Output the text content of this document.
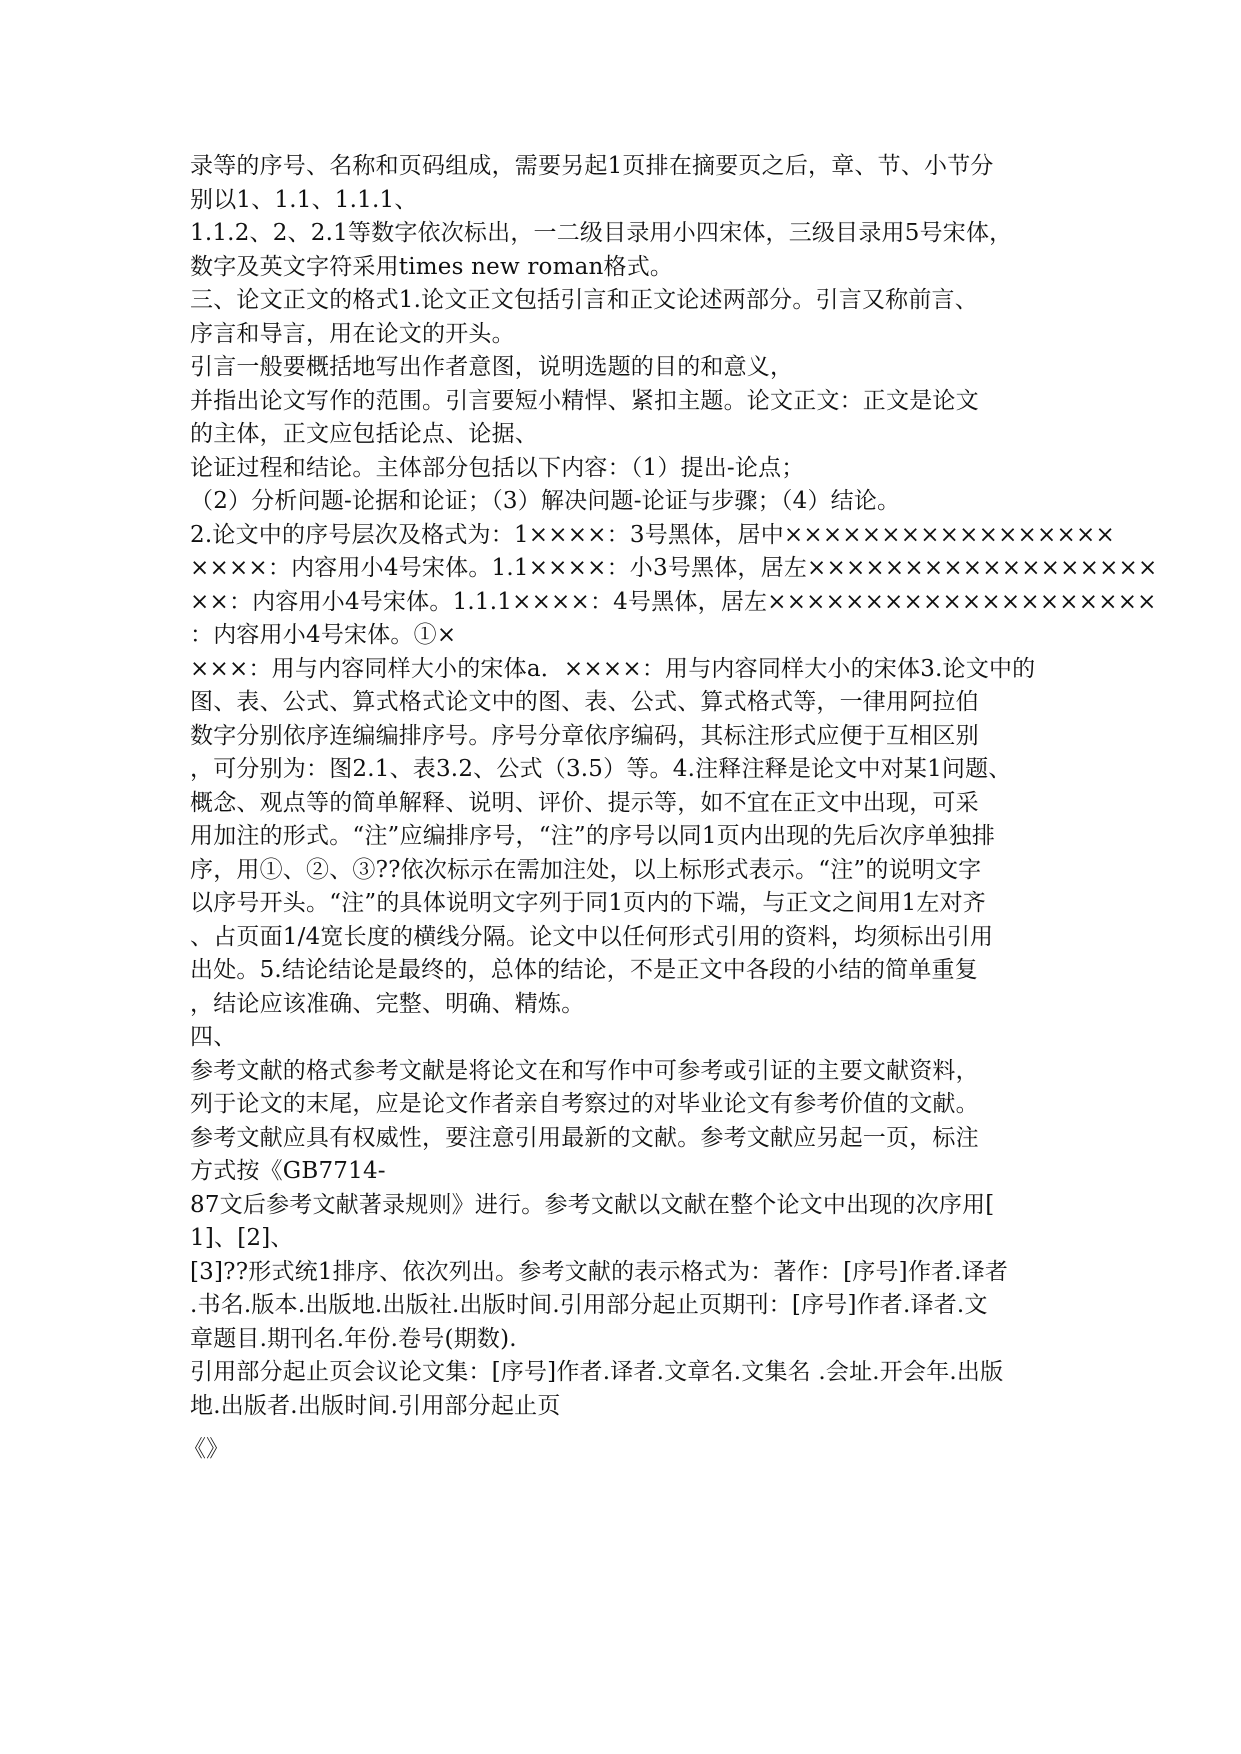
录等的序号、名称和页码组成，需要另起1页排在摘要页之后，章、节、小节分
别以1、1.1、1.1.1、
1.1.2、2、2.1等数字依次标出，一二级目录用小四宋体，三级目录用5号宋体，
数字及英文字符采用times new roman格式。
三、论文正文的格式1.论文正文包括引言和正文论述两部分。引言又称前言、
序言和导言，用在论文的开头。
引言一般要概括地写出作者意图，说明选题的目的和意义，
并指出论文写作的范围。引言要短小精悍、紧扣主题。论文正文：正文是论文
的主体，正文应包括论点、论据、
论证过程和结论。主体部分包括以下内容：（1）提出-论点；
（2）分析问题-论据和论证；（3）解决问题-论证与步骤；（4）结论。
2.论文中的序号层次及格式为：1××××：3号黑体，居中×××××××××××××××××
××××：内容用小4号宋体。1.1××××：小3号黑体，居左××××××××××××××××××
××：内容用小4号宋体。1.1.1××××：4号黑体，居左××××××××××××××××××××
：内容用小4号宋体。①×
×××：用与内容同样大小的宋体a．××××：用与内容同样大小的宋体3.论文中的
图、表、公式、算式格式论文中的图、表、公式、算式格式等，一律用阿拉伯
数字分别依序连编编排序号。序号分章依序编码，其标注形式应便于互相区别
，可分别为：图2.1、表3.2、公式（3.5）等。4.注释注释是论文中对某1问题、
概念、观点等的简单解释、说明、评价、提示等，如不宜在正文中出现，可采
用加注的形式。“注”应编排序号，“注”的序号以同1页内出现的先后次序单独排
序，用①、②、③??依次标示在需加注处，以上标形式表示。“注”的说明文字
以序号开头。“注”的具体说明文字列于同1页内的下端，与正文之间用1左对齐
、占页面1/4宽长度的横线分隔。论文中以任何形式引用的资料，均须标出引用
出处。5.结论结论是最终的，总体的结论，不是正文中各段的小结的简单重复
，结论应该准确、完整、明确、精炼。
四、
参考文献的格式参考文献是将论文在和写作中可参考或引证的主要文献资料，
列于论文的末尾，应是论文作者亲自考察过的对毕业论文有参考价值的文献。
参考文献应具有权威性，要注意引用最新的文献。参考文献应另起一页，标注
方式按《GB7714-
87文后参考文献著录规则》进行。参考文献以文献在整个论文中出现的次序用[
1]、[2]、
[3]??形式统1排序、依次列出。参考文献的表示格式为：著作：[序号]作者.译者
.书名.版本.出版地.出版社.出版时间.引用部分起止页期刊：[序号]作者.译者.文
章题目.期刊名.年份.卷号(期数).
引用部分起止页会议论文集：[序号]作者.译者.文章名.文集名 .会址.开会年.出版
地.出版者.出版时间.引用部分起止页
《》
